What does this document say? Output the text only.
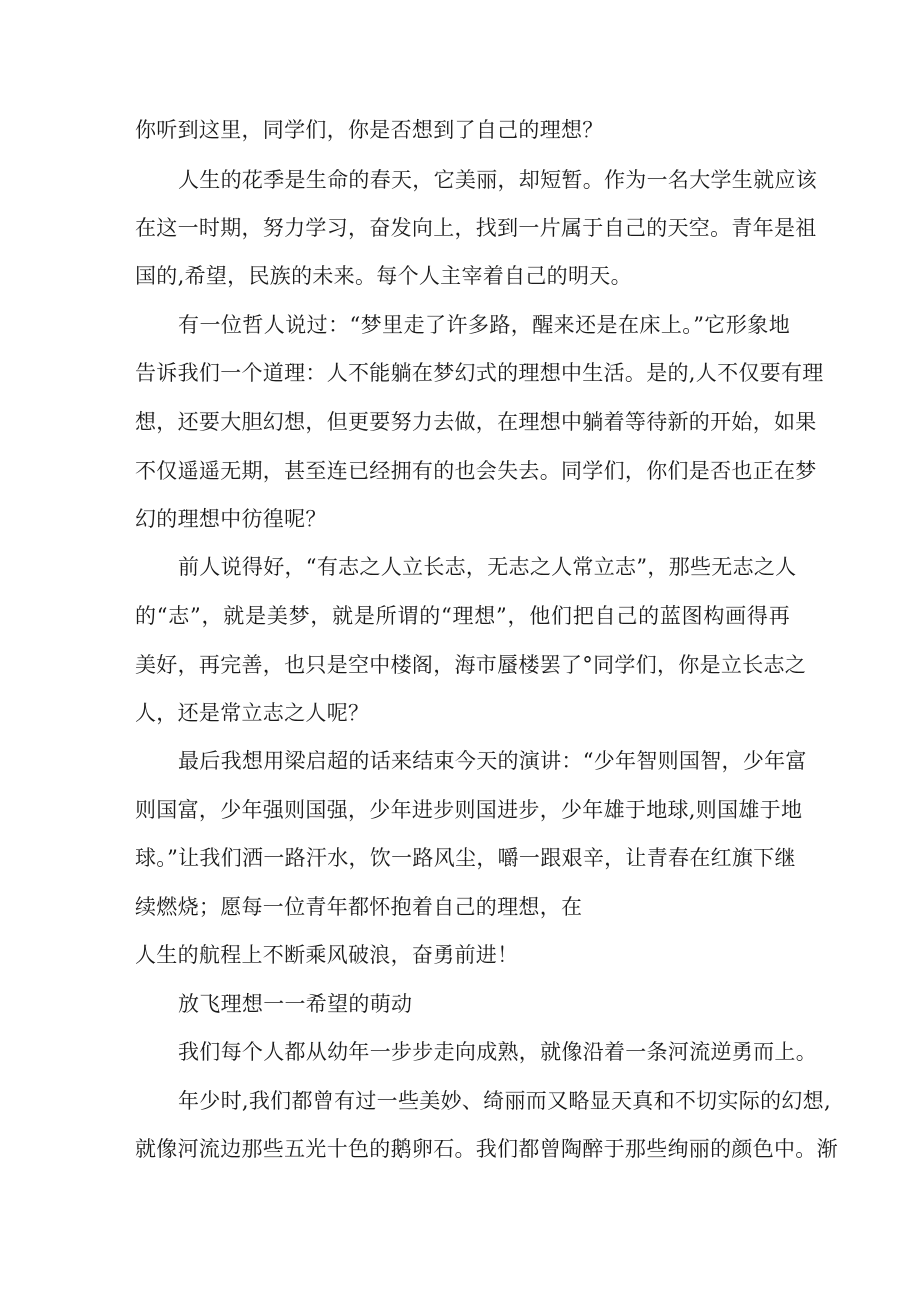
你听到这里，同学们，你是否想到了自己的理想？
人生的花季是生命的春天，它美丽，却短暂。作为一名大学生就应该
在这一时期，努力学习，奋发向上，找到一片属于自己的天空。青年是祖
国的,希望，民族的未来。每个人主宰着自己的明天。
有一位哲人说过：“梦里走了许多路，醒来还是在床上。”它形象地
告诉我们一个道理：人不能躺在梦幻式的理想中生活。是的,人不仅要有理
想，还要大胆幻想，但更要努力去做，在理想中躺着等待新的开始，如果
不仅遥遥无期，甚至连已经拥有的也会失去。同学们，你们是否也正在梦
幻的理想中彷徨呢？
前人说得好，“有志之人立长志，无志之人常立志”，那些无志之人
的“志”，就是美梦，就是所谓的“理想”，他们把自己的蓝图构画得再
美好，再完善，也只是空中楼阁，海市蜃楼罢了°同学们，你是立长志之
人，还是常立志之人呢？
最后我想用梁启超的话来结束今天的演讲：“少年智则国智，少年富
则国富，少年强则国强，少年进步则国进步，少年雄于地球,则国雄于地
球。”让我们洒一路汗水，饮一路风尘，嚼一跟艰辛，让青春在红旗下继
续燃烧；愿每一位青年都怀抱着自己的理想，在
人生的航程上不断乘风破浪，奋勇前进！
放飞理想一一希望的萌动
我们每个人都从幼年一步步走向成熟，就像沿着一条河流逆勇而上。
年少时,我们都曾有过一些美妙、绮丽而又略显天真和不切实际的幻想,
就像河流边那些五光十色的鹅卵石。我们都曾陶醉于那些绚丽的颜色中。渐
